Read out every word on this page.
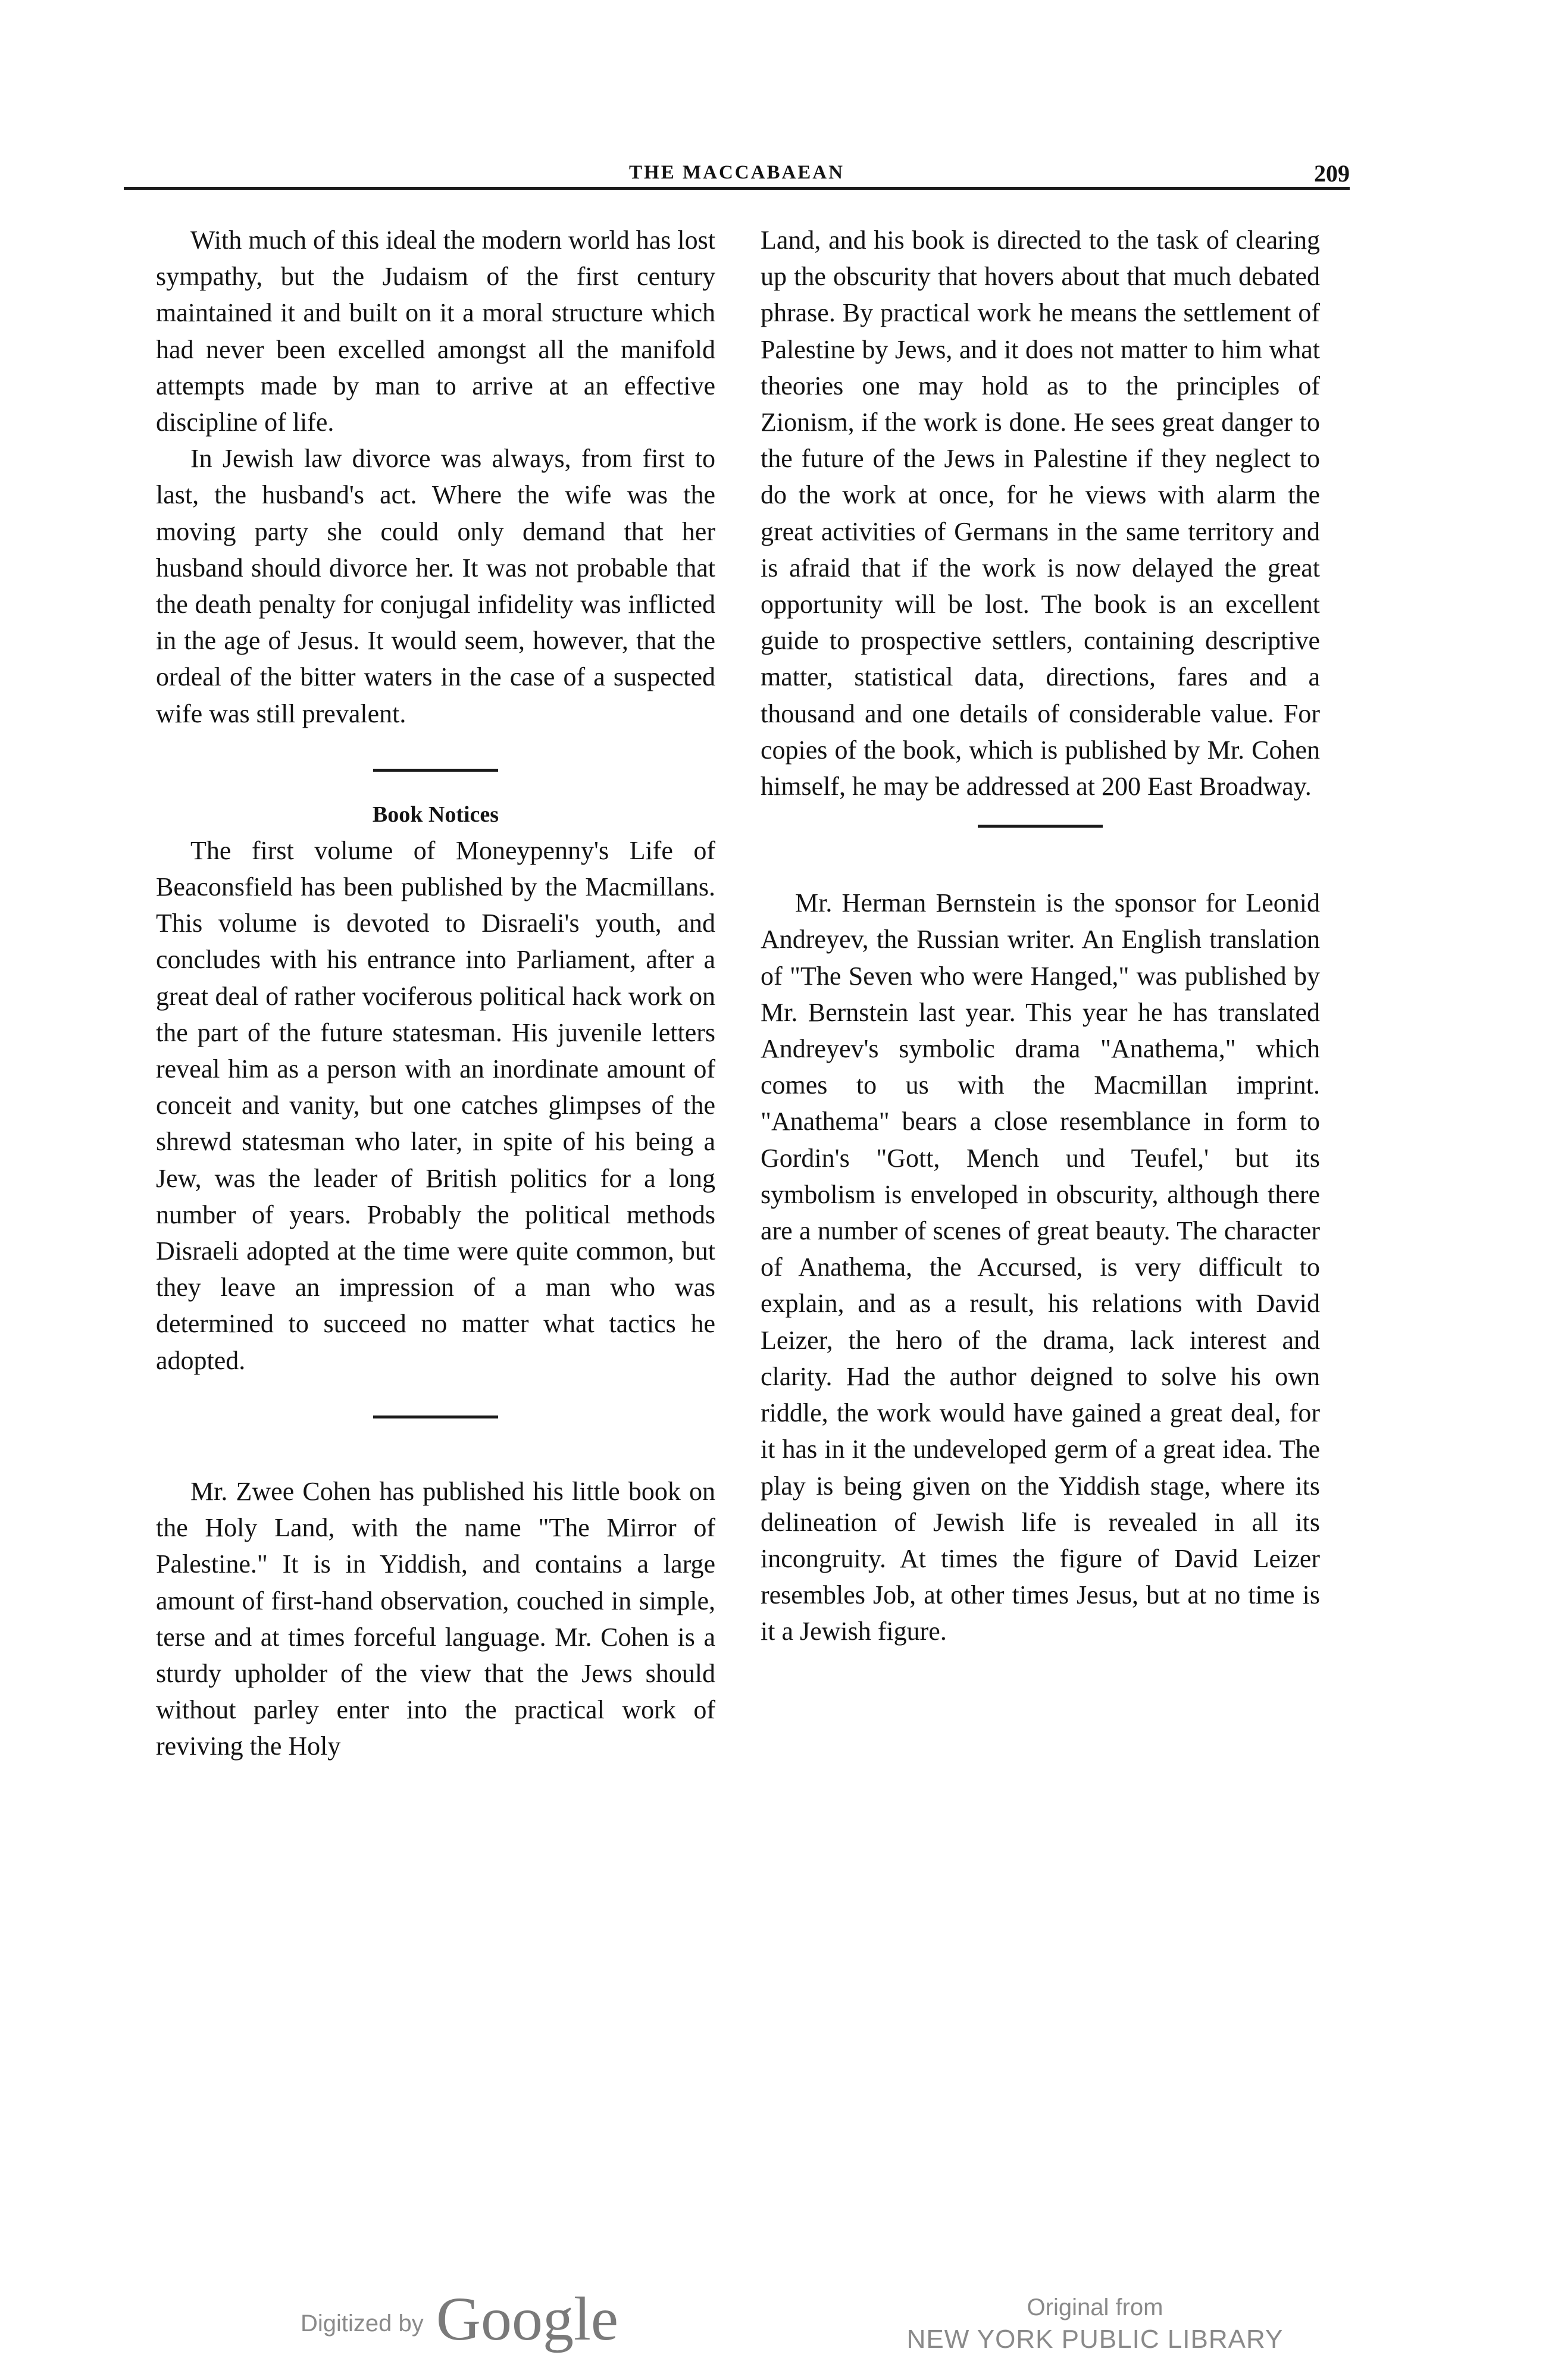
THE MACCABAEAN	209

With much of this ideal the modern world has lost sympathy, but the Judaism of the first century maintained it and built on it a moral structure which had never been excelled amongst all the manifold attempts made by man to arrive at an effective discipline of life.

In Jewish law divorce was always, from first to last, the husband's act. Where the wife was the moving party she could only demand that her husband should divorce her. It was not probable that the death penalty for conjugal infidelity was inflicted in the age of Jesus. It would seem, however, that the ordeal of the bitter waters in the case of a suspected wife was still prevalent.

Book Notices

The first volume of Moneypenny's Life of Beaconsfield has been published by the Macmillans. This volume is devoted to Disraeli's youth, and concludes with his entrance into Parliament, after a great deal of rather vociferous political hack work on the part of the future statesman. His juvenile letters reveal him as a person with an inordinate amount of conceit and vanity, but one catches glimpses of the shrewd statesman who later, in spite of his being a Jew, was the leader of British politics for a long number of years. Probably the political methods Disraeli adopted at the time were quite common, but they leave an impression of a man who was determined to succeed no matter what tactics he adopted.

Mr. Zwee Cohen has published his little book on the Holy Land, with the name "The Mirror of Palestine." It is in Yiddish, and contains a large amount of first-hand observation, couched in simple, terse and at times forceful language. Mr. Cohen is a sturdy upholder of the view that the Jews should without parley enter into the practical work of reviving the Holy

Land, and his book is directed to the task of clearing up the obscurity that hovers about that much debated phrase. By practical work he means the settlement of Palestine by Jews, and it does not matter to him what theories one may hold as to the principles of Zionism, if the work is done. He sees great danger to the future of the Jews in Palestine if they neglect to do the work at once, for he views with alarm the great activities of Germans in the same territory and is afraid that if the work is now delayed the great opportunity will be lost. The book is an excellent guide to prospective settlers, containing descriptive matter, statistical data, directions, fares and a thousand and one details of considerable value. For copies of the book, which is published by Mr. Cohen himself, he may be addressed at 200 East Broadway.

Mr. Herman Bernstein is the sponsor for Leonid Andreyev, the Russian writer. An English translation of "The Seven who were Hanged," was published by Mr. Bernstein last year. This year he has translated Andreyev's symbolic drama "Anathema," which comes to us with the Macmillan imprint. "Anathema" bears a close resemblance in form to Gordin's "Gott, Mench und Teufel,' but its symbolism is enveloped in obscurity, although there are a number of scenes of great beauty. The character of Anathema, the Accursed, is very difficult to explain, and as a result, his relations with David Leizer, the hero of the drama, lack interest and clarity. Had the author deigned to solve his own riddle, the work would have gained a great deal, for it has in it the undeveloped germ of a great idea. The play is being given on the Yiddish stage, where its delineation of Jewish life is revealed in all its incongruity. At times the figure of David Leizer resembles Job, at other times Jesus, but at no time is it a Jewish figure.

Digitized by Google	Original from
NEW YORK PUBLIC LIBRARY
